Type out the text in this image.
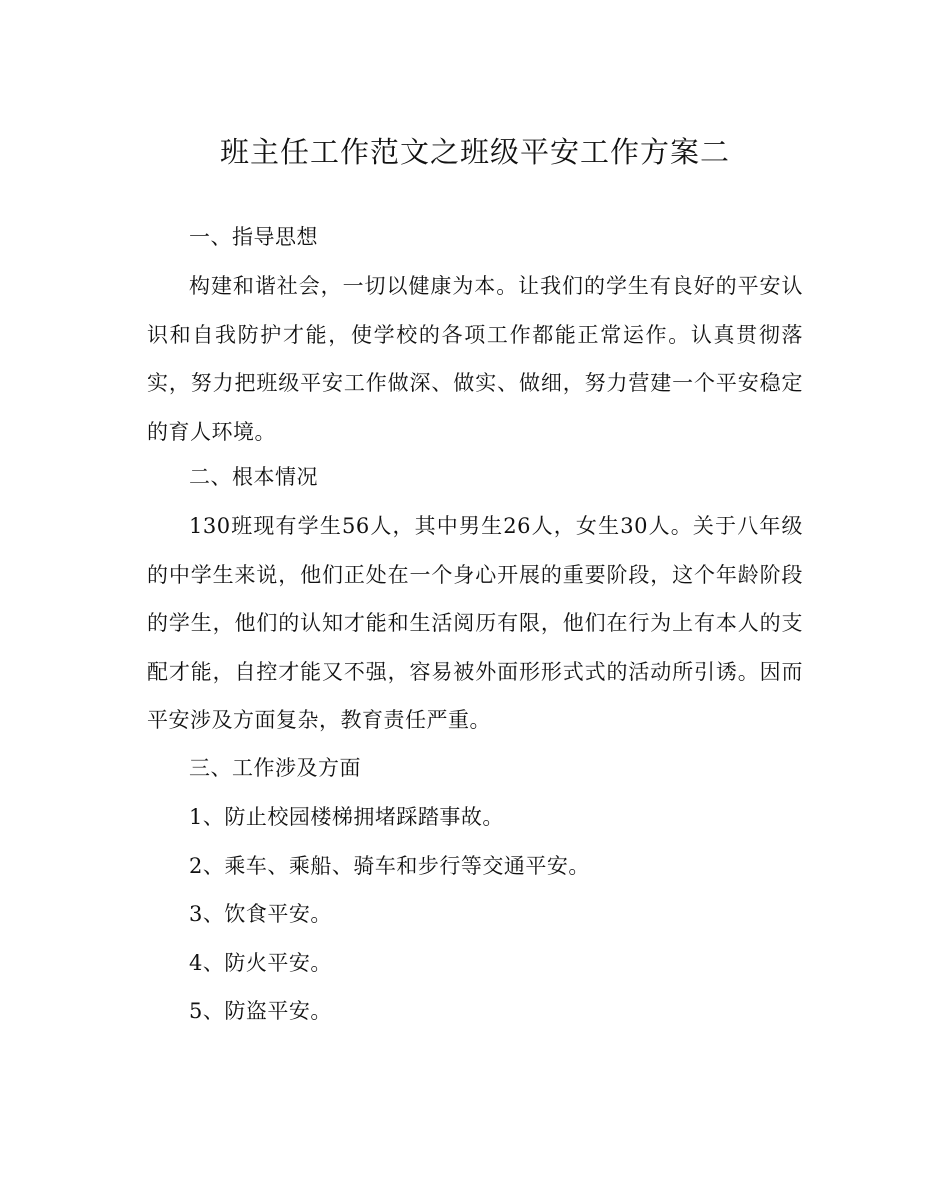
班主任工作范文之班级平安工作方案二

一、指导思想

构建和谐社会，一切以健康为本。让我们的学生有良好的平安认识和自我防护才能，使学校的各项工作都能正常运作。认真贯彻落实，努力把班级平安工作做深、做实、做细，努力营建一个平安稳定的育人环境。

二、根本情况

130班现有学生56人，其中男生26人，女生30人。关于八年级的中学生来说，他们正处在一个身心开展的重要阶段，这个年龄阶段的学生，他们的认知才能和生活阅历有限，他们在行为上有本人的支配才能，自控才能又不强，容易被外面形形式式的活动所引诱。因而平安涉及方面复杂，教育责任严重。

三、工作涉及方面

1、防止校园楼梯拥堵踩踏事故。

2、乘车、乘船、骑车和步行等交通平安。

3、饮食平安。

4、防火平安。

5、防盗平安。
